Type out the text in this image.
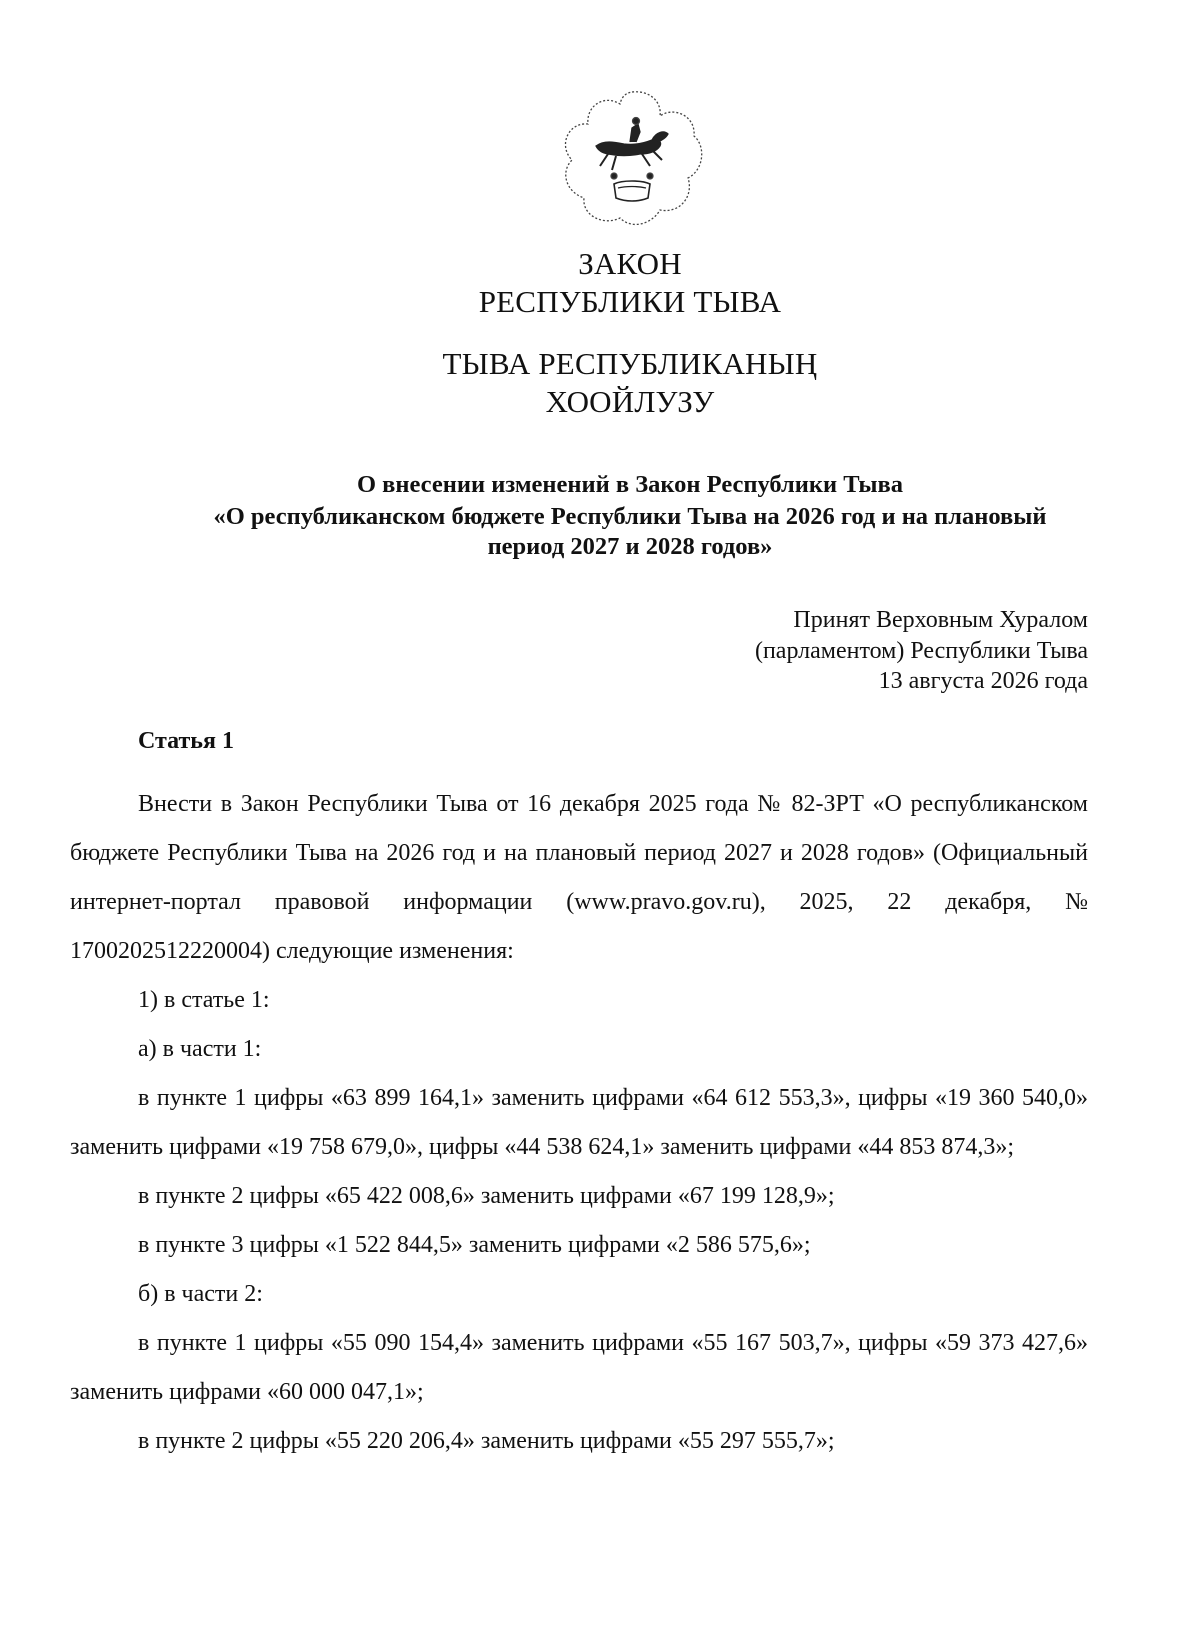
ЗАКОН
РЕСПУБЛИКИ ТЫВА
ТЫВА РЕСПУБЛИКАНЫҢ
ХООЙЛУЗУ
О внесении изменений в Закон Республики Тыва
«О республиканском бюджете Республики Тыва на 2026 год и на плановый
период 2027 и 2028 годов»
Принят Верховным Хуралом
(парламентом) Республики Тыва
13 августа 2026 года
Статья 1

Внести в Закон Республики Тыва от 16 декабря 2025 года № 82-ЗРТ «О республиканском бюджете Республики Тыва на 2026 год и на плановый период 2027 и 2028 годов» (Официальный интернет-портал правовой информации (www.pravo.gov.ru), 2025, 22 декабря, № 1700202512220004) следующие изменения:

1) в статье 1:

а) в части 1:

в пункте 1 цифры «63 899 164,1» заменить цифрами «64 612 553,3», цифры «19 360 540,0» заменить цифрами «19 758 679,0», цифры «44 538 624,1» заменить цифрами «44 853 874,3»;

в пункте 2 цифры «65 422 008,6» заменить цифрами «67 199 128,9»;

в пункте 3 цифры «1 522 844,5» заменить цифрами «2 586 575,6»;

б) в части 2:

в пункте 1 цифры «55 090 154,4» заменить цифрами «55 167 503,7», цифры «59 373 427,6» заменить цифрами «60 000 047,1»;

в пункте 2 цифры «55 220 206,4» заменить цифрами «55 297 555,7»;
